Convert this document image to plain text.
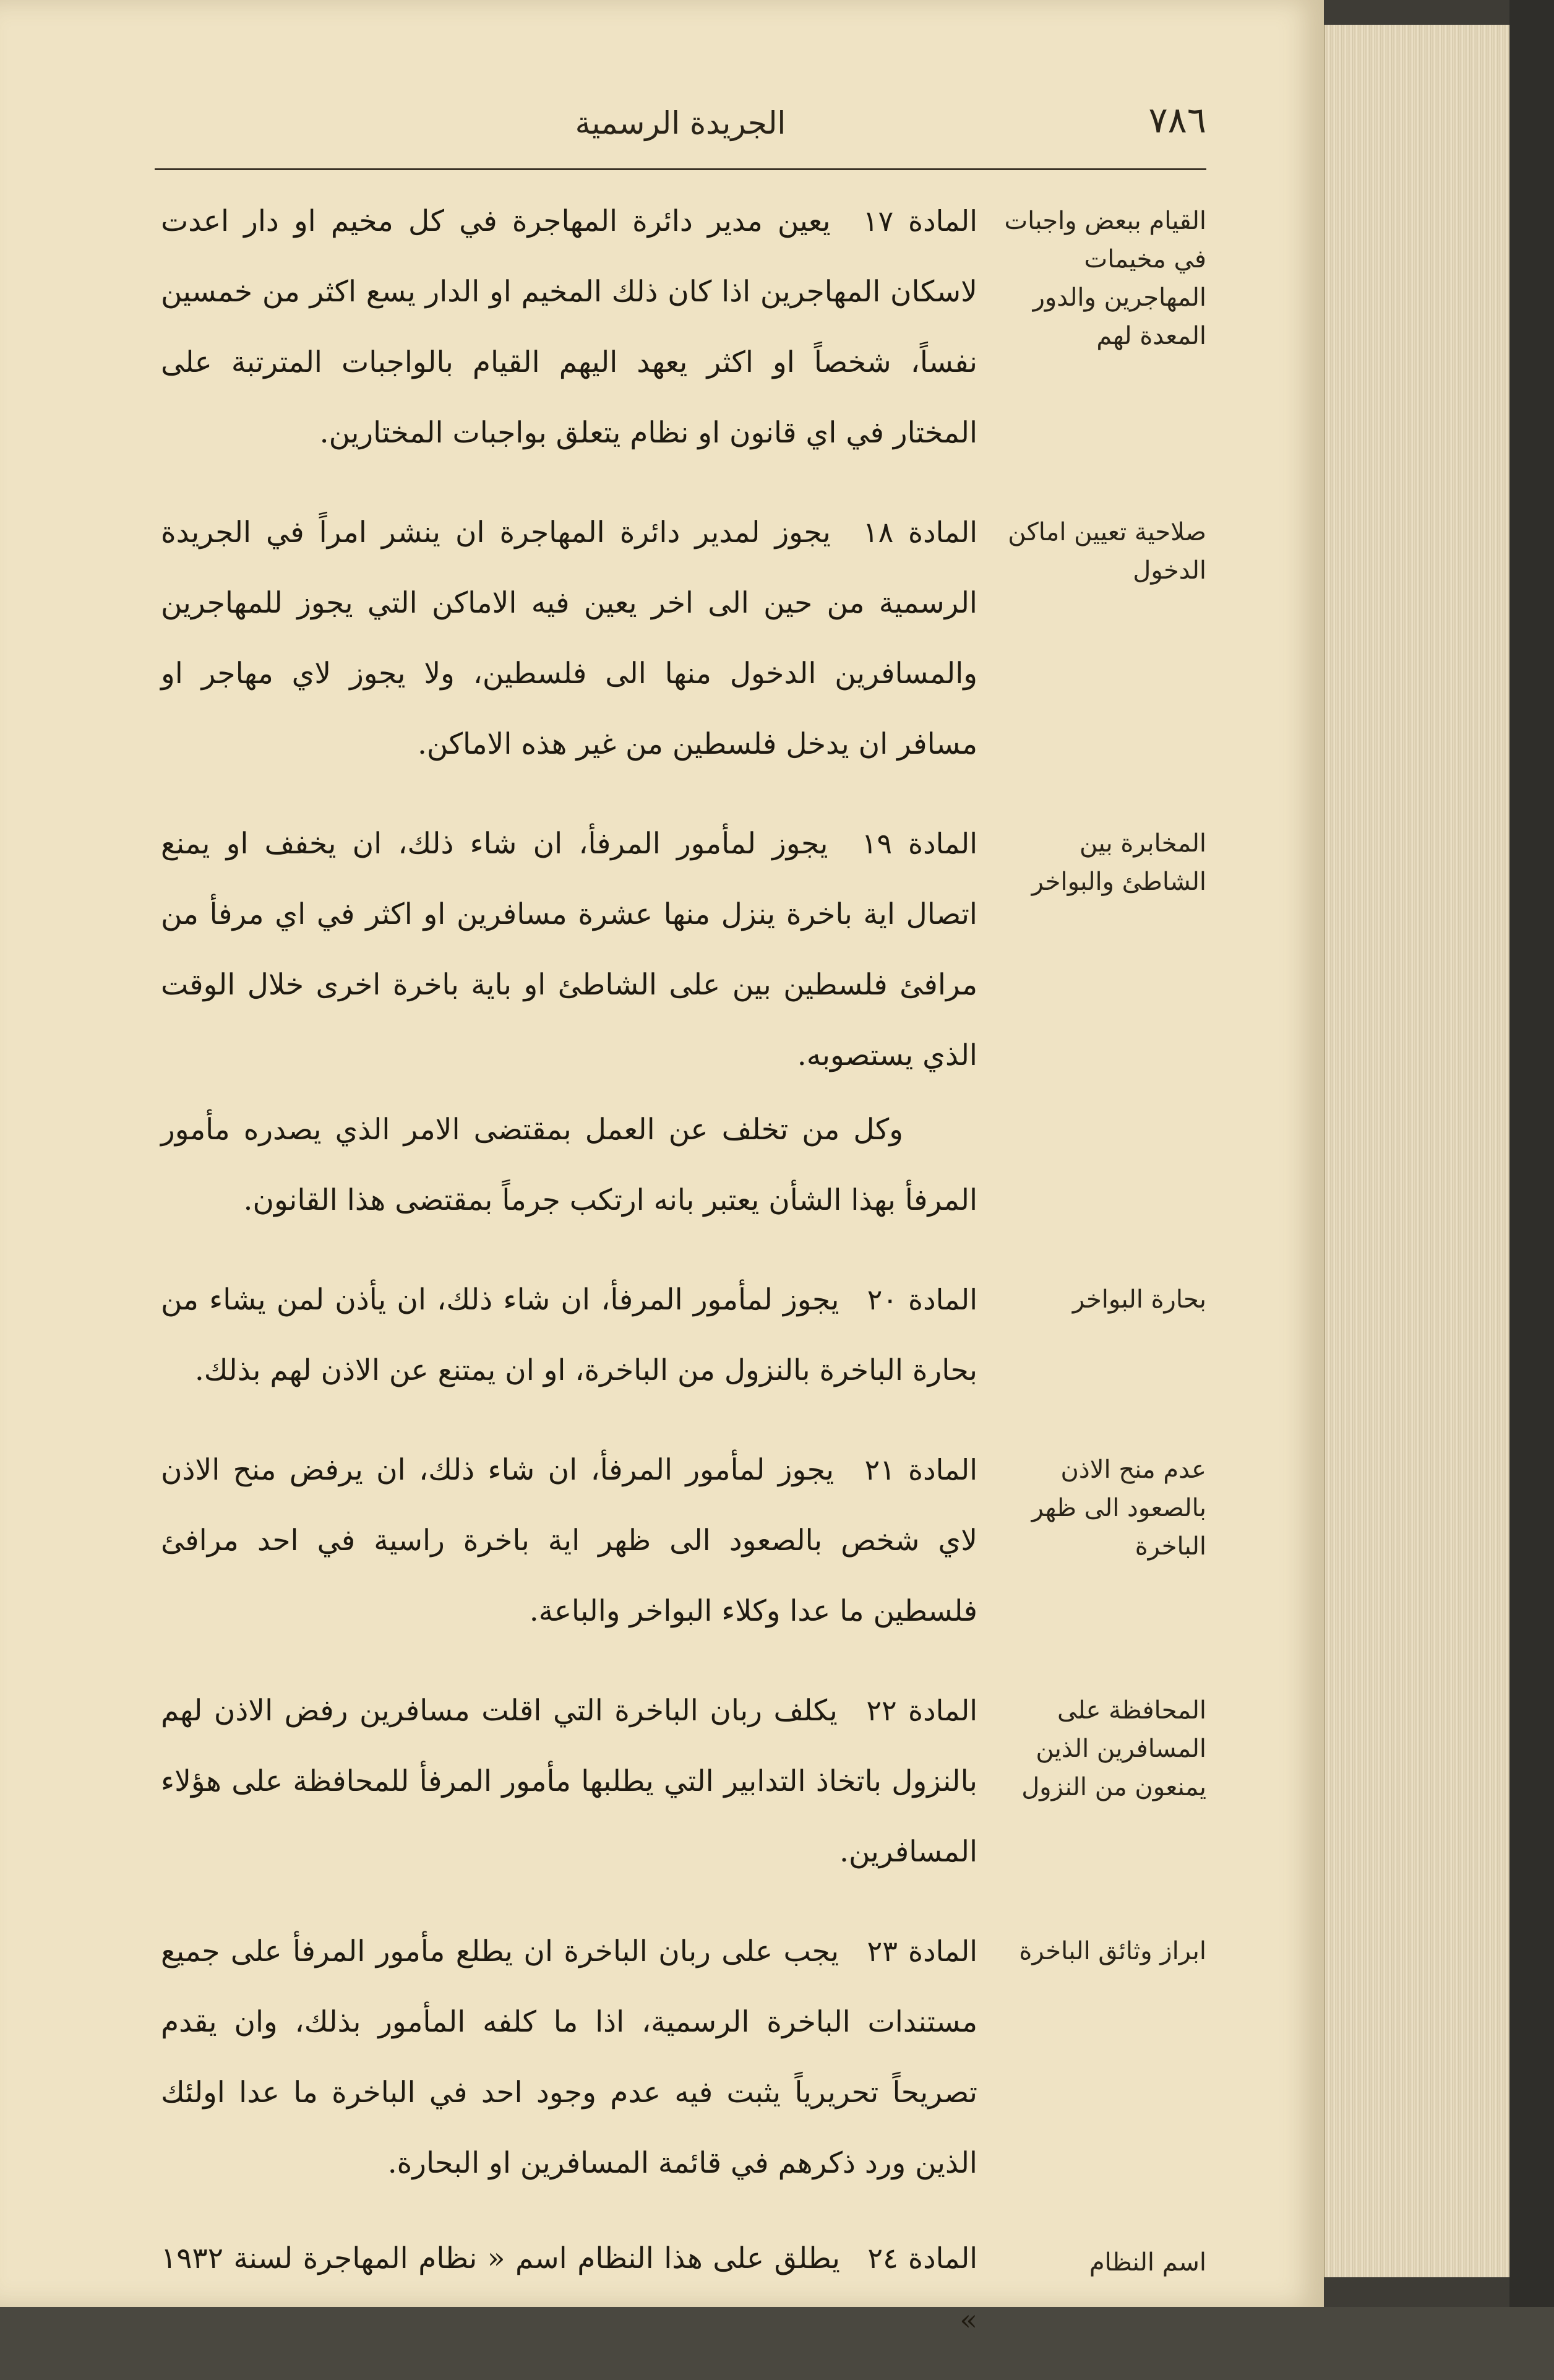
٧٨٦
الجريدة الرسمية
القيام ببعض واجبات في مخيمات المهاجرين والدور المعدة لهم
المادة ١٧ يعين مدير دائرة المهاجرة في كل مخيم او دار اعدت لاسكان المهاجرين اذا كان ذلك المخيم او الدار يسع اكثر من خمسين نفساً، شخصاً او اكثر يعهد اليهم القيام بالواجبات المترتبة على المختار في اي قانون او نظام يتعلق بواجبات المختارين.
صلاحية تعيين اماكن الدخول
المادة ١٨ يجوز لمدير دائرة المهاجرة ان ينشر امراً في الجريدة الرسمية من حين الى اخر يعين فيه الاماكن التي يجوز للمهاجرين والمسافرين الدخول منها الى فلسطين، ولا يجوز لاي مهاجر او مسافر ان يدخل فلسطين من غير هذه الاماكن.
المخابرة بين الشاطئ والبواخر
المادة ١٩ يجوز لمأمور المرفأ، ان شاء ذلك، ان يخفف او يمنع اتصال اية باخرة ينزل منها عشرة مسافرين او اكثر في اي مرفأ من مرافئ فلسطين بين على الشاطئ او باية باخرة اخرى خلال الوقت الذي يستصوبه.
وكل من تخلف عن العمل بمقتضى الامر الذي يصدره مأمور المرفأ بهذا الشأن يعتبر بانه ارتكب جرماً بمقتضى هذا القانون.
بحارة البواخر
المادة ٢٠ يجوز لمأمور المرفأ، ان شاء ذلك، ان يأذن لمن يشاء من بحارة الباخرة بالنزول من الباخرة، او ان يمتنع عن الاذن لهم بذلك.
عدم منح الاذن بالصعود الى ظهر الباخرة
المادة ٢١ يجوز لمأمور المرفأ، ان شاء ذلك، ان يرفض منح الاذن لاي شخص بالصعود الى ظهر اية باخرة راسية في احد مرافئ فلسطين ما عدا وكلاء البواخر والباعة.
المحافظة على المسافرين الذين يمنعون من النزول
المادة ٢٢ يكلف ربان الباخرة التي اقلت مسافرين رفض الاذن لهم بالنزول باتخاذ التدابير التي يطلبها مأمور المرفأ للمحافظة على هؤلاء المسافرين.
ابراز وثائق الباخرة
المادة ٢٣ يجب على ربان الباخرة ان يطلع مأمور المرفأ على جميع مستندات الباخرة الرسمية، اذا ما كلفه المأمور بذلك، وان يقدم تصريحاً تحريرياً يثبت فيه عدم وجود احد في الباخرة ما عدا اولئك الذين ورد ذكرهم في قائمة المسافرين او البحارة.
اسم النظام
المادة ٢٤ يطلق على هذا النظام اسم « نظام المهاجرة لسنة ١٩٣٢ »
